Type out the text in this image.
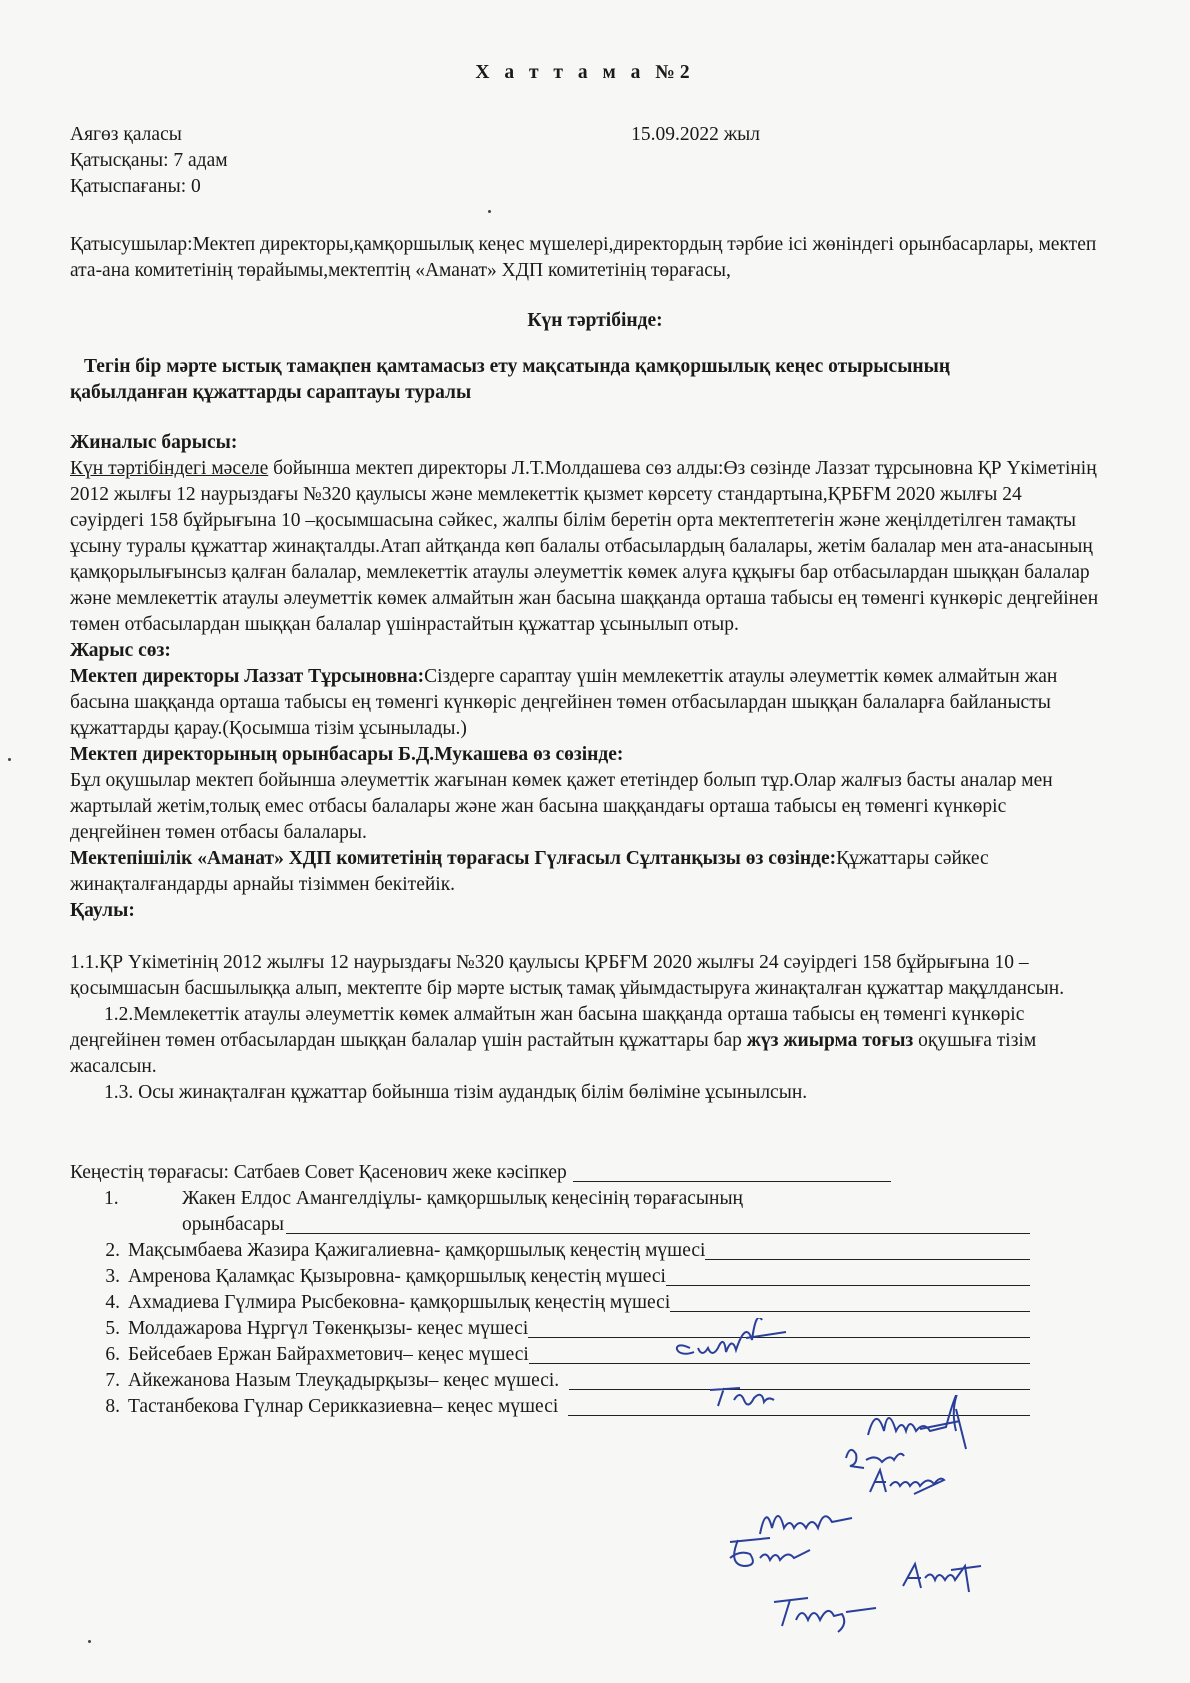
Х а т т а м а №2

Аягөз қаласы	15.09.2022 жыл

Қатысқаны: 7 адам

Қатыспағаны: 0

Қатысушылар:Мектеп директоры,қамқоршылық кеңес мүшелері,директордың тәрбие ісі жөніндегі орынбасарлары, мектеп ата-ана комитетінің төрайымы,мектептің «Аманат» ХДП комитетінің төрағасы,

Күн тәртібінде:

Тегін бір мәрте ыстық тамақпен қамтамасыз ету мақсатында қамқоршылық кеңес отырысының қабылданған құжаттарды сараптауы туралы

Жиналыс барысы:

Күн тәртібіндегі мәселе бойынша мектеп директоры Л.Т.Молдашева сөз алды:Өз сөзінде Лаззат тұрсыновна ҚР Үкіметінің 2012 жылғы 12 наурыздағы №320 қаулысы және мемлекеттік қызмет көрсету стандартына,ҚРБҒМ 2020 жылғы 24 сәуірдегі 158 бұйрығына 10 –қосымшасына сәйкес, жалпы білім беретін орта мектептетегін және жеңілдетілген тамақты ұсыну туралы құжаттар жинақталды.Атап айтқанда көп балалы отбасылардың балалары, жетім балалар мен ата-анасының қамқорылығынсыз қалған балалар, мемлекеттік атаулы әлеуметтік көмек алуға құқығы бар отбасылардан шыққан балалар және мемлекеттік атаулы әлеуметтік көмек алмайтын жан басына шаққанда орташа табысы ең төменгі күнкөріс деңгейінен төмен отбасылардан шыққан балалар үшінрастайтын құжаттар ұсынылып отыр.

Жарыс сөз:

Мектеп директоры Лаззат Тұрсыновна:Сіздерге сараптау үшін мемлекеттік атаулы әлеуметтік көмек алмайтын жан басына шаққанда орташа табысы ең төменгі күнкөріс деңгейінен төмен отбасылардан шыққан балаларға байланысты құжаттарды қарау.(Қосымша тізім ұсынылады.)

Мектеп директорының орынбасары Б.Д.Мукашева өз сөзінде:

Бұл оқушылар мектеп бойынша әлеуметтік жағынан көмек қажет ететіндер болып тұр.Олар жалғыз басты аналар мен жартылай жетім,толық емес отбасы балалары және жан басына шаққандағы орташа табысы ең төменгі күнкөріс деңгейінен төмен отбасы балалары.

Мектепішілік «Аманат» ХДП комитетінің төрағасы Гүлғасыл Сұлтанқызы өз сөзінде:Құжаттары сәйкес жинақталғандарды арнайы тізіммен бекітейік.

Қаулы:

1.1.ҚР Үкіметінің 2012 жылғы 12 наурыздағы №320 қаулысы ҚРБҒМ 2020 жылғы 24 сәуірдегі 158 бұйрығына 10 –қосымшасын басшылыққа алып, мектепте бір мәрте ыстық тамақ ұйымдастыруға жинақталған құжаттар мақұлдансын.

1.2.Мемлекеттік атаулы әлеуметтік көмек алмайтын жан басына шаққанда орташа табысы ең төменгі күнкөріс деңгейінен төмен отбасылардан шыққан балалар үшін растайтын құжаттары бар жүз жиырма тоғыз оқушыға тізім жасалсын.

1.3. Осы жинақталған құжаттар бойынша тізім аудандық білім бөліміне ұсынылсын.

Кеңестің төрағасы: Сатбаев Совет Қасенович жеке кәсіпкер
1.	Жакен Елдос Амангелдіұлы- қамқоршылық кеңесінің төрағасының
орынбасары
2. Мақсымбаева Жазира Қажигалиевна- қамқоршылық кеңестің мүшесі
3. Амренова Қаламқас Қызыровна- қамқоршылық кеңестің мүшесі
4. Ахмадиева Гүлмира Рысбековна- қамқоршылық кеңестің мүшесі
5. Молдажарова Нұргүл Төкенқызы- кеңес мүшесі
6. Бейсебаев Ержан Байрахметович– кеңес мүшесі
7. Айкежанова Назым Тлеуқадырқызы– кеңес мүшесі.
8. Тастанбекова Гүлнар Серикказиевна– кеңес мүшесі
